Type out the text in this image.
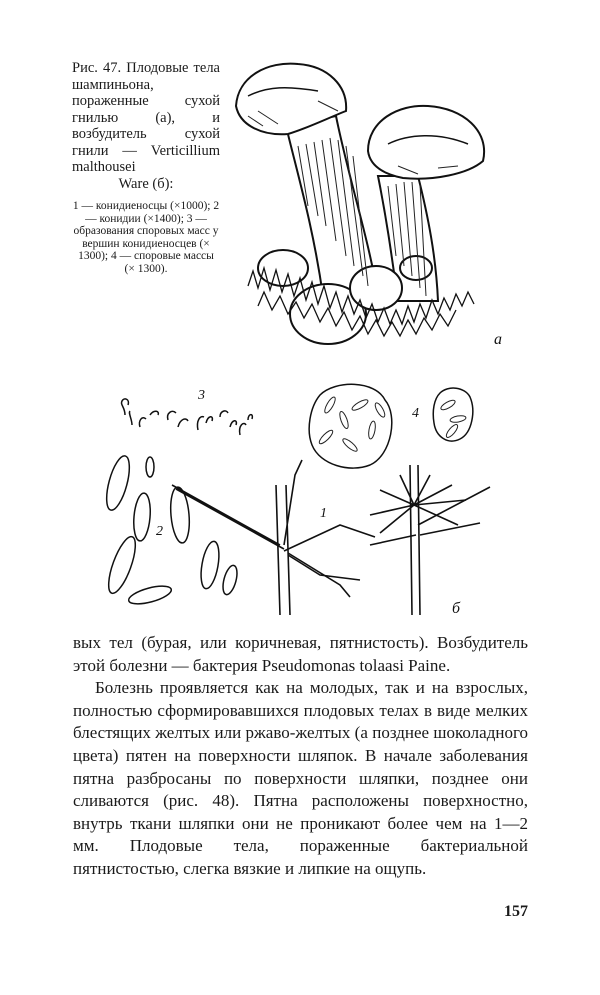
Рис. 47. Плодовые тела шампиньона, пораженные сухой гнилью (а), и возбудитель сухой гнили — Verticillium malthousei
Ware (б):
1 — конидиеносцы (×1000); 2 — конидии (×1400); 3 — образования споровых масс у вершин конидиеносцев (× 1300); 4 — споровые массы (× 1300).
а
3
4
2
1
б

вых тел (бурая, или коричневая, пятнистость). Возбудитель этой болезни — бактерия Pseudomonas tolaasi Paine.

Болезнь проявляется как на молодых, так и на взрослых, полностью сформировавшихся плодовых телах в виде мелких блестящих желтых или ржаво-желтых (а позднее шоколадного цвета) пятен на поверхности шляпок. В начале заболевания пятна разбросаны по поверхности шляпки, позднее они сливаются (рис. 48). Пятна расположены поверхностно, внутрь ткани шляпки они не проникают более чем на 1—2 мм. Плодовые тела, пораженные бактериальной пятнистостью, слегка вязкие и липкие на ощупь.

157
